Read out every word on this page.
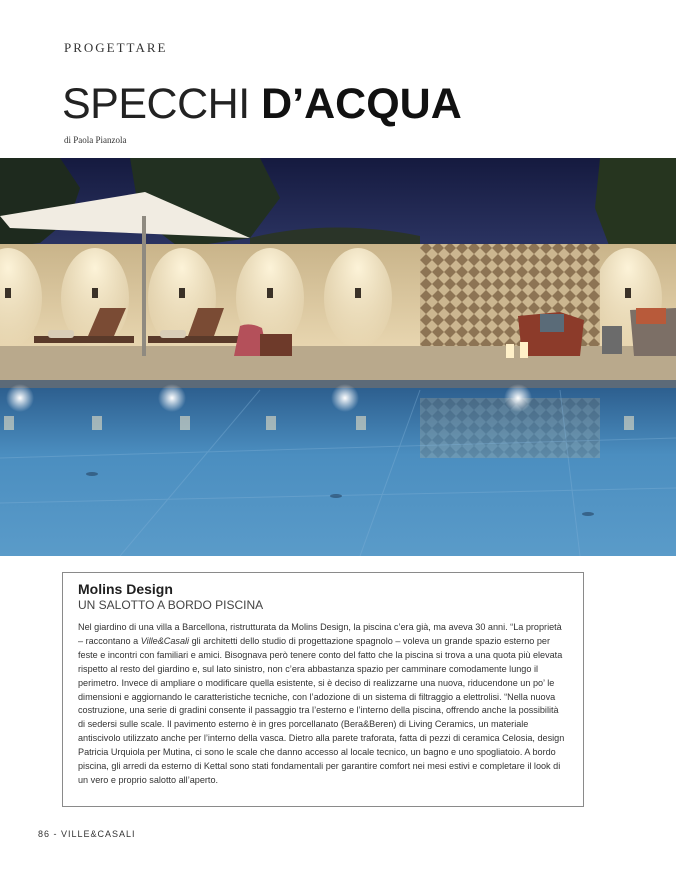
PROGETTARE
SPECCHI D’ACQUA
di Paola Pianzola
Molins Design
UN SALOTTO A BORDO PISCINA
Nel giardino di una villa a Barcellona, ristrutturata da Molins Design, la piscina c’era già, ma aveva 30 anni. “La proprietà – raccontano a Ville&Casali gli architetti dello studio di progettazione spagnolo – voleva un grande spazio esterno per feste e incontri con familiari e amici. Bisognava però tenere conto del fatto che la piscina si trova a una quota più elevata rispetto al resto del giardino e, sul lato sinistro, non c’era abbastanza spazio per camminare comodamente lungo il perimetro. Invece di ampliare o modificare quella esistente, si è deciso di realizzarne una nuova, riducendone un po’ le dimensioni e aggiornando le caratteristiche tecniche, con l’adozione di un sistema di filtraggio a elettrolisi. “Nella nuova costruzione, una serie di gradini consente il passaggio tra l’esterno e l’interno della piscina, offrendo anche la possibilità di sedersi sulle scale. Il pavimento esterno è in gres porcellanato (Bera&Beren) di Living Ceramics, un materiale antiscivolo utilizzato anche per l’interno della vasca. Dietro alla parete traforata, fatta di pezzi di ceramica Celosia, design Patricia Urquiola per Mutina, ci sono le scale che danno accesso al locale tecnico, un bagno e uno spogliatoio. A bordo piscina, gli arredi da esterno di Kettal sono stati fondamentali per garantire comfort nei mesi estivi e completare il look di un vero e proprio salotto all’aperto.
86 - VILLE&CASALI
